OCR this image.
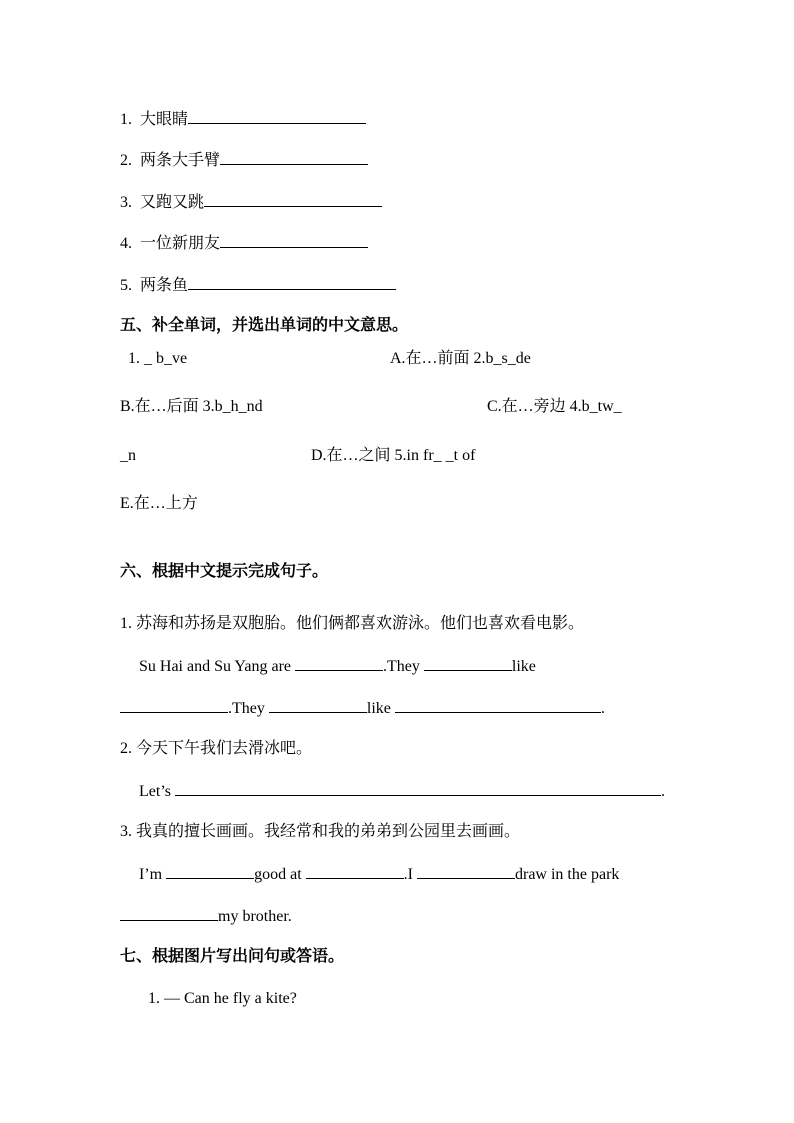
1. 大眼睛
2. 两条大手臂
3. 又跑又跳
4. 一位新朋友
5. 两条鱼
五、补全单词，并选出单词的中文意思。
1. _ b_ve	A.在…前面 2.b_s_de
B.在…后面 3.b_h_nd	C.在…旁边 4.b_tw_
_n	D.在…之间 5.in fr_ _t of
E.在…上方
六、根据中文提示完成句子。
1. 苏海和苏扬是双胞胎。他们俩都喜欢游泳。他们也喜欢看电影。
Su Hai and Su Yang are	.They	like
.They	like	.
2. 今天下午我们去滑冰吧。
Let’s	.
3. 我真的擅长画画。我经常和我的弟弟到公园里去画画。
I’m	good at	.I	draw in the park
my brother.
七、根据图片写出问句或答语。
1. — Can he fly a kite?
